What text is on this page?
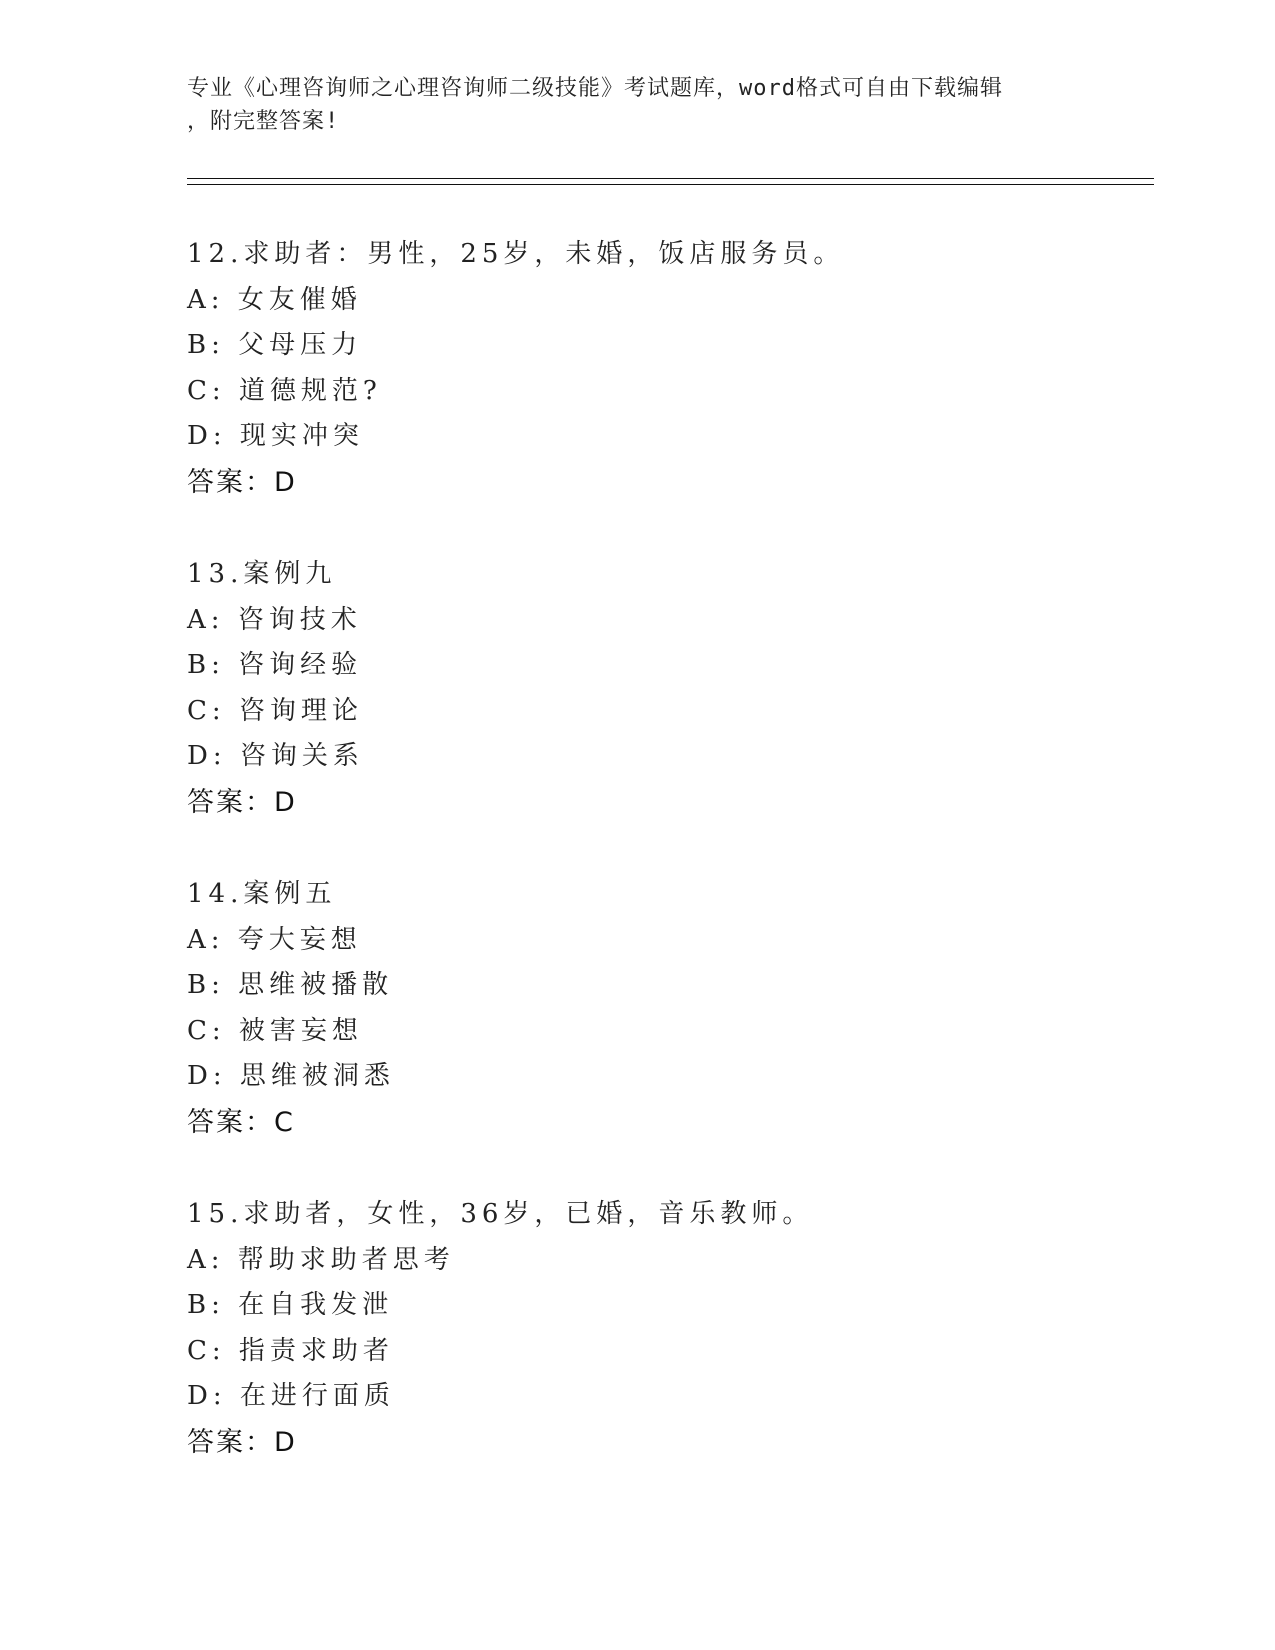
专业《心理咨询师之心理咨询师二级技能》考试题库，word格式可自由下载编辑
，附完整答案!
12.求助者：男性，25岁，未婚，饭店服务员。
A: 女友催婚
B: 父母压力
C: 道德规范?
D: 现实冲突
答案：D
13.案例九
A: 咨询技术
B: 咨询经验
C: 咨询理论
D: 咨询关系
答案：D
14.案例五
A: 夸大妄想
B: 思维被播散
C: 被害妄想
D: 思维被洞悉
答案：C
15.求助者，女性，36岁，已婚，音乐教师。
A: 帮助求助者思考
B: 在自我发泄
C: 指责求助者
D: 在进行面质
答案：D
